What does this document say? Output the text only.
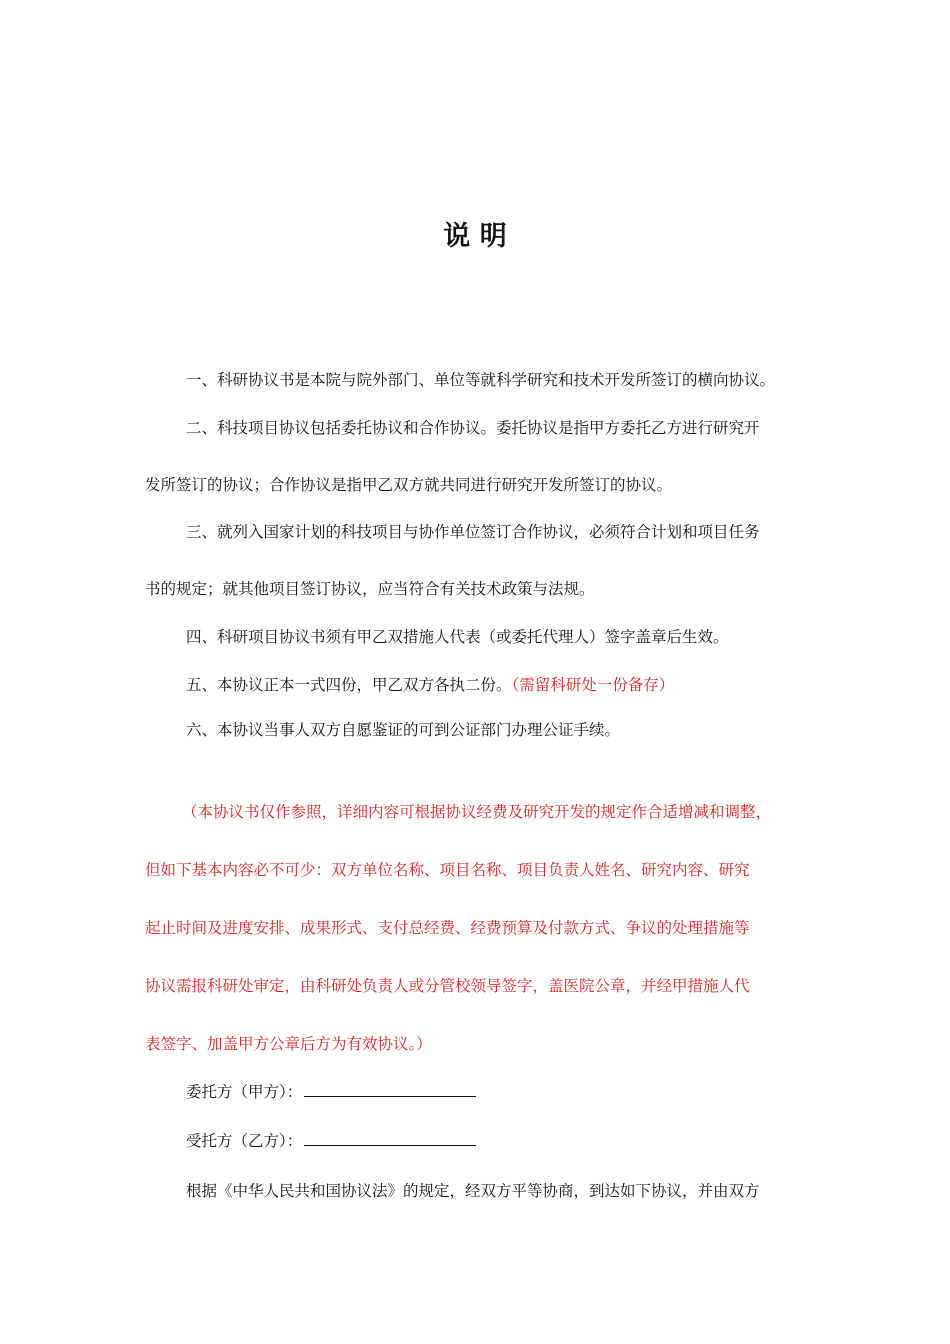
说 明
一、科研协议书是本院与院外部门、单位等就科学研究和技术开发所签订的横向协议。
二、科技项目协议包括委托协议和合作协议。委托协议是指甲方委托乙方进行研究开
发所签订的协议；合作协议是指甲乙双方就共同进行研究开发所签订的协议。
三、就列入国家计划的科技项目与协作单位签订合作协议，必须符合计划和项目任务
书的规定；就其他项目签订协议，应当符合有关技术政策与法规。
四、科研项目协议书须有甲乙双措施人代表（或委托代理人）签字盖章后生效。
五、本协议正本一式四份，甲乙双方各执二份。（需留科研处一份备存）
六、本协议当事人双方自愿鉴证的可到公证部门办理公证手续。
（本协议书仅作参照，详细内容可根据协议经费及研究开发的规定作合适增减和调整，
但如下基本内容必不可少：双方单位名称、项目名称、项目负责人姓名、研究内容、研究
起止时间及进度安排、成果形式、支付总经费、经费预算及付款方式、争议的处理措施等
协议需报科研处审定，由科研处负责人或分管校领导签字，盖医院公章，并经甲措施人代
表签字、加盖甲方公章后方为有效协议。）
委托方（甲方）：
受托方（乙方）：
根据《中华人民共和国协议法》的规定，经双方平等协商，到达如下协议，并由双方
